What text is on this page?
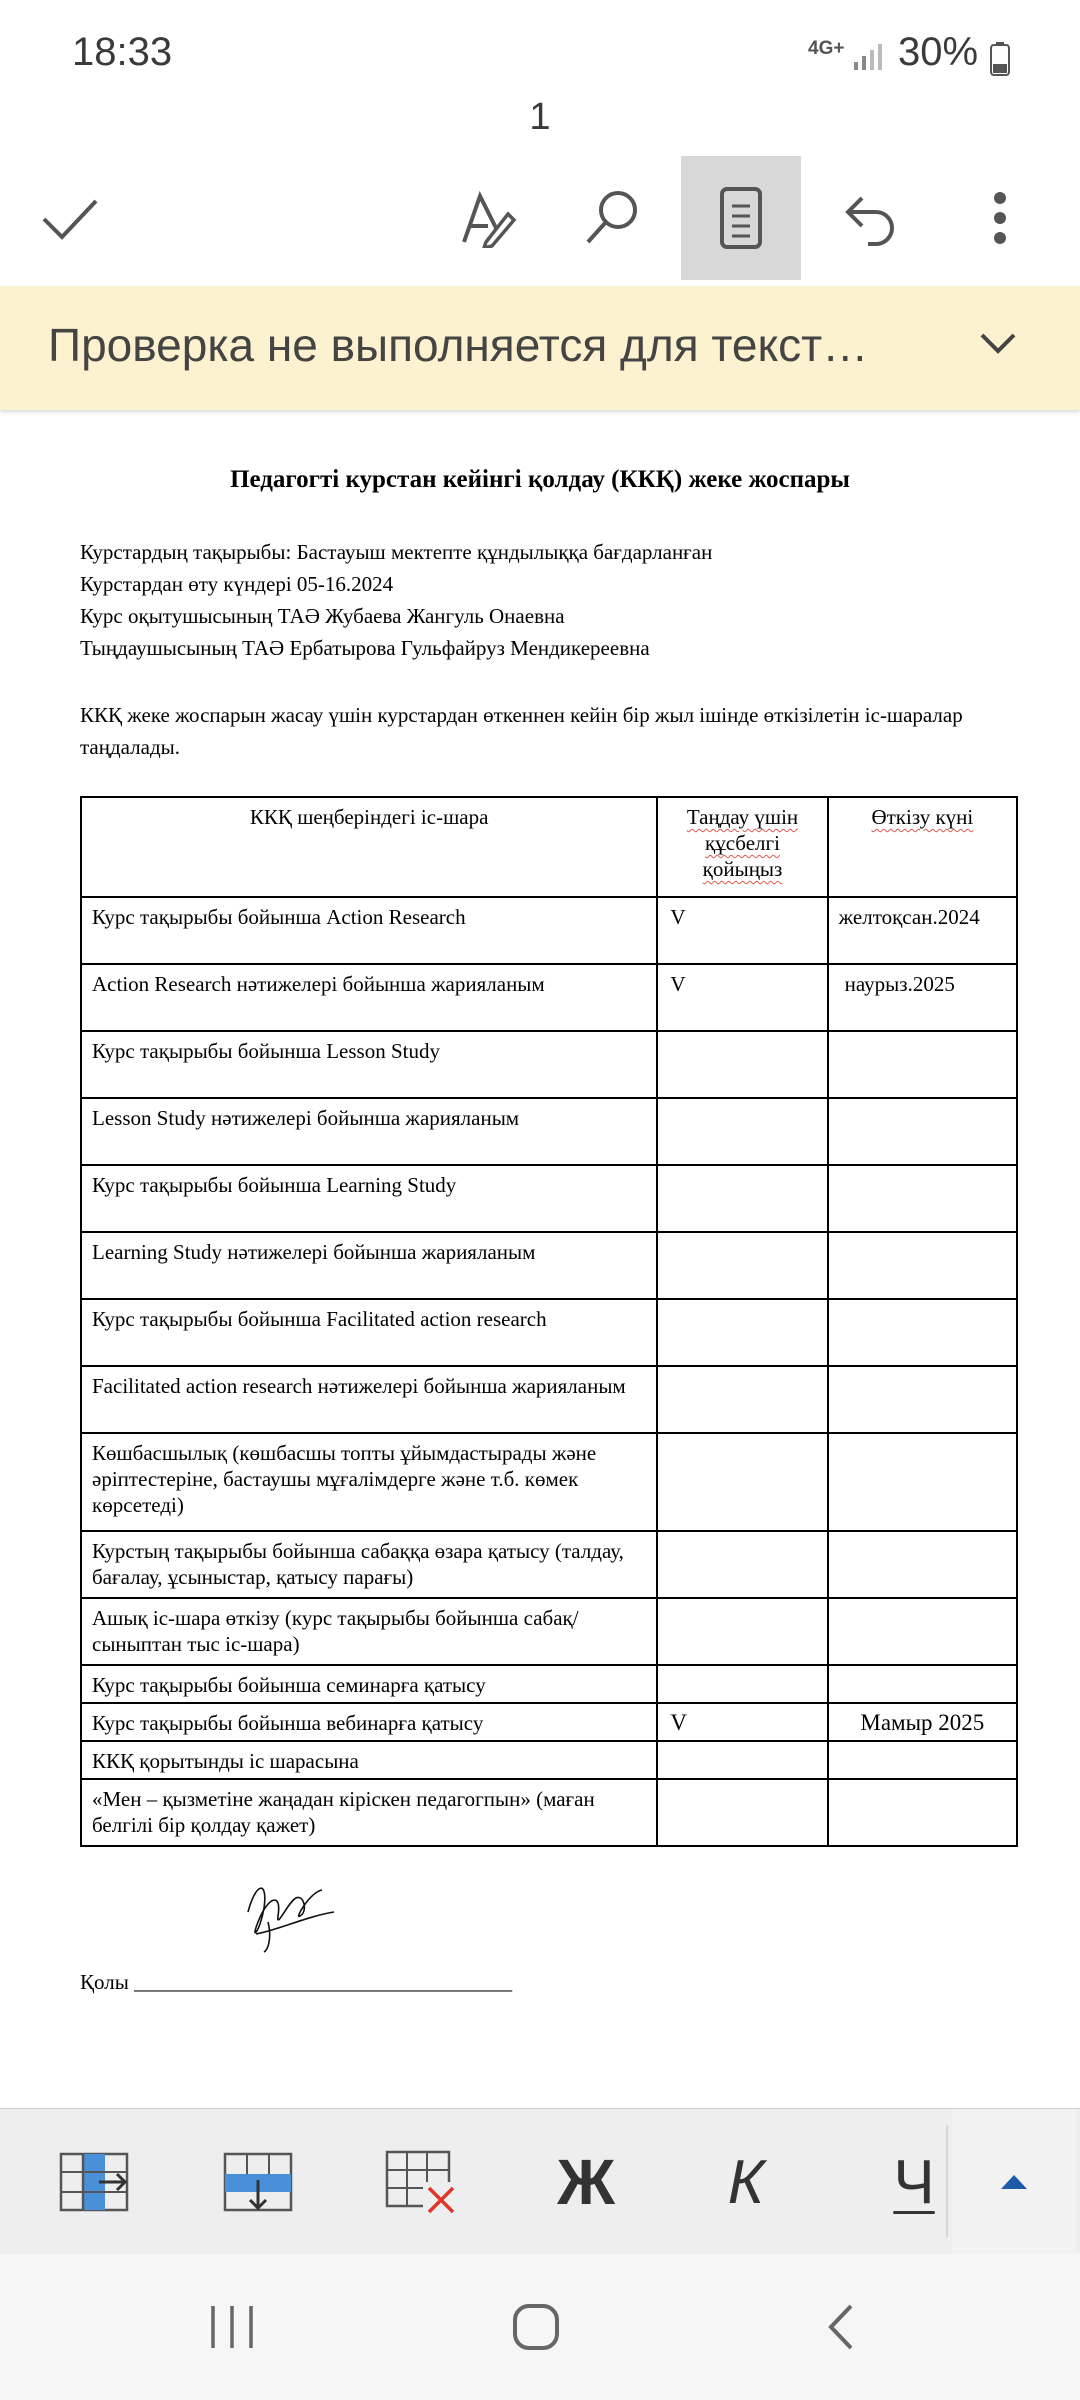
18:33	4G+ 30%
1
Проверка не выполняется для текст…
Педагогті курстан кейінгі қолдау (ККҚ) жеке жоспары
Курстардың тақырыбы: Бастауыш мектепте құндылыққа бағдарланған
Курстардан өту күндері 05-16.2024
Курс оқытушысының ТАӘ Жубаева Жангуль Онаевна
Тыңдаушысының ТАӘ Ербатырова Гульфайруз Мендикереевна
ККҚ жеке жоспарын жасау үшін курстардан өткеннен кейін бір жыл ішінде өткізілетін іс-шаралар таңдалады.
ККҚ шеңберіндегі іс-шара	Таңдау үшін құсбелгі қойыңыз	Өткізу күні
Курс тақырыбы бойынша Action Research	V	желтоқсан.2024
Action Research нәтижелері бойынша жарияланым	V	наурыз.2025
Курс тақырыбы бойынша Lesson Study		
Lesson Study нәтижелері бойынша жарияланым		
Курс тақырыбы бойынша Learning Study		
Learning Study нәтижелері бойынша жарияланым		
Курс тақырыбы бойынша Facilitated action research		
Facilitated action research нәтижелері бойынша жарияланым		
Көшбасшылық (көшбасшы топты ұйымдастырады және әріптестеріне, бастаушы мұғалімдерге және т.б. көмек көрсетеді)		
Курстың тақырыбы бойынша сабаққа өзара қатысу (талдау, бағалау, ұсыныстар, қатысу парағы)		
Ашық іс-шара өткізу (курс тақырыбы бойынша сабақ/ сыныптан тыс іс-шара)		
Курс тақырыбы бойынша семинарға қатысу		
Курс тақырыбы бойынша вебинарға қатысу	V	Мамыр 2025
ККҚ қорытынды іс шарасына		
«Мен – қызметіне жаңадан кіріскен педагогпын» (маған белгілі бір қолдау қажет)		
Қолы ____________________________________
Ж	К	Ч
